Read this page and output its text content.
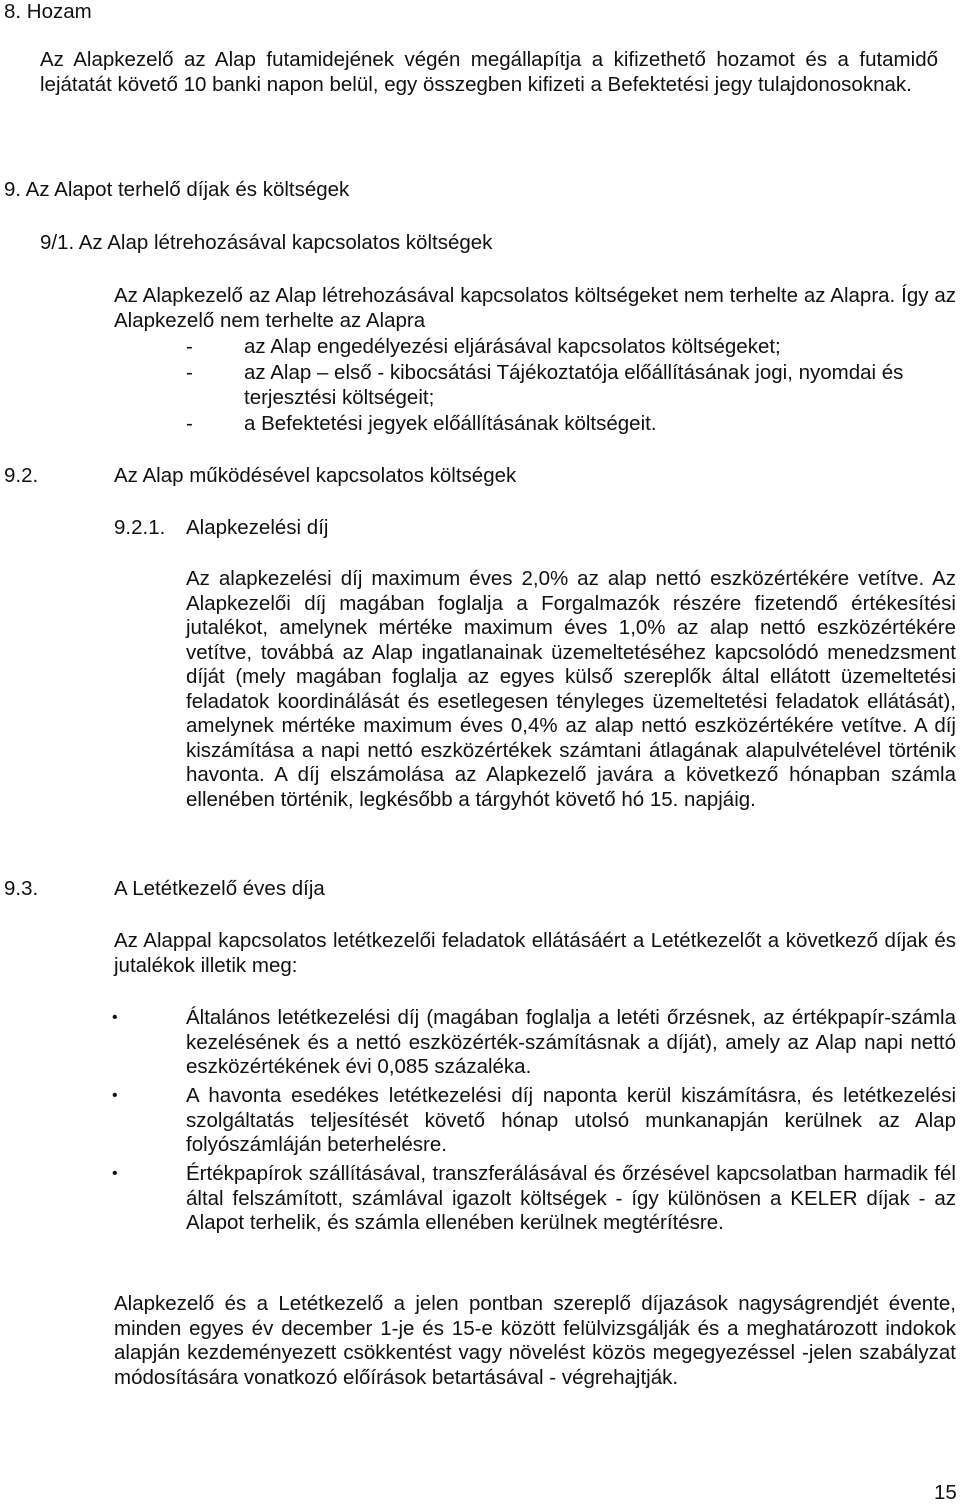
8. Hozam
Az Alapkezelő az Alap futamidejének végén megállapítja a kifizethető hozamot és a futamidő lejátatát követő 10 banki napon belül, egy összegben kifizeti a Befektetési jegy tulajdonosoknak.
9. Az Alapot terhelő díjak és költségek
9/1. Az Alap létrehozásával kapcsolatos költségek
Az Alapkezelő az Alap létrehozásával kapcsolatos költségeket nem terhelte az Alapra. Így az Alapkezelő nem terhelte az Alapra
- az Alap engedélyezési eljárásával kapcsolatos költségeket;
- az Alap – első - kibocsátási Tájékoztatója előállításának jogi, nyomdai és terjesztési költségeit;
- a Befektetési jegyek előállításának költségeit.
9.2.	Az Alap működésével kapcsolatos költségek
9.2.1. Alapkezelési díj
Az alapkezelési díj maximum éves 2,0% az alap nettó eszközértékére vetítve. Az Alapkezelői díj magában foglalja a Forgalmazók részére fizetendő értékesítési jutalékot, amelynek mértéke maximum éves 1,0% az alap nettó eszközértékére vetítve, továbbá az Alap ingatlanainak üzemeltetéséhez kapcsolódó menedzsment díját (mely magában foglalja az egyes külső szereplők által ellátott üzemeltetési feladatok koordinálását és esetlegesen tényleges üzemeltetési feladatok ellátását), amelynek mértéke maximum éves 0,4% az alap nettó eszközértékére vetítve. A díj kiszámítása a napi nettó eszközértékek számtani átlagának alapulvételével történik havonta. A díj elszámolása az Alapkezelő javára a következő hónapban számla ellenében történik, legkésőbb a tárgyhót követő hó 15. napjáig.
9.3.	A Letétkezelő éves díja
Az Alappal kapcsolatos letétkezelői feladatok ellátásáért a Letétkezelőt a következő díjak és jutalékok illetik meg:
•	Általános letétkezelési díj (magában foglalja a letéti őrzésnek, az értékpapír-számla kezelésének és a nettó eszközérték-számításnak a díját), amely az Alap napi nettó eszközértékének évi 0,085 százaléka.
•	A havonta esedékes letétkezelési díj naponta kerül kiszámításra, és letétkezelési szolgáltatás teljesítését követő hónap utolsó munkanapján kerülnek az Alap folyószámláján beterhelésre.
•	Értékpapírok szállításával, transzferálásával és őrzésével kapcsolatban harmadik fél által felszámított, számlával igazolt költségek - így különösen a KELER díjak - az Alapot terhelik, és számla ellenében kerülnek megtérítésre.
Alapkezelő és a Letétkezelő a jelen pontban szereplő díjazások nagyságrendjét évente, minden egyes év december 1-je és 15-e között felülvizsgálják és a meghatározott indokok alapján kezdeményezett csökkentést vagy növelést közös megegyezéssel -jelen szabályzat módosítására vonatkozó előírások betartásával - végrehajtják.
15
